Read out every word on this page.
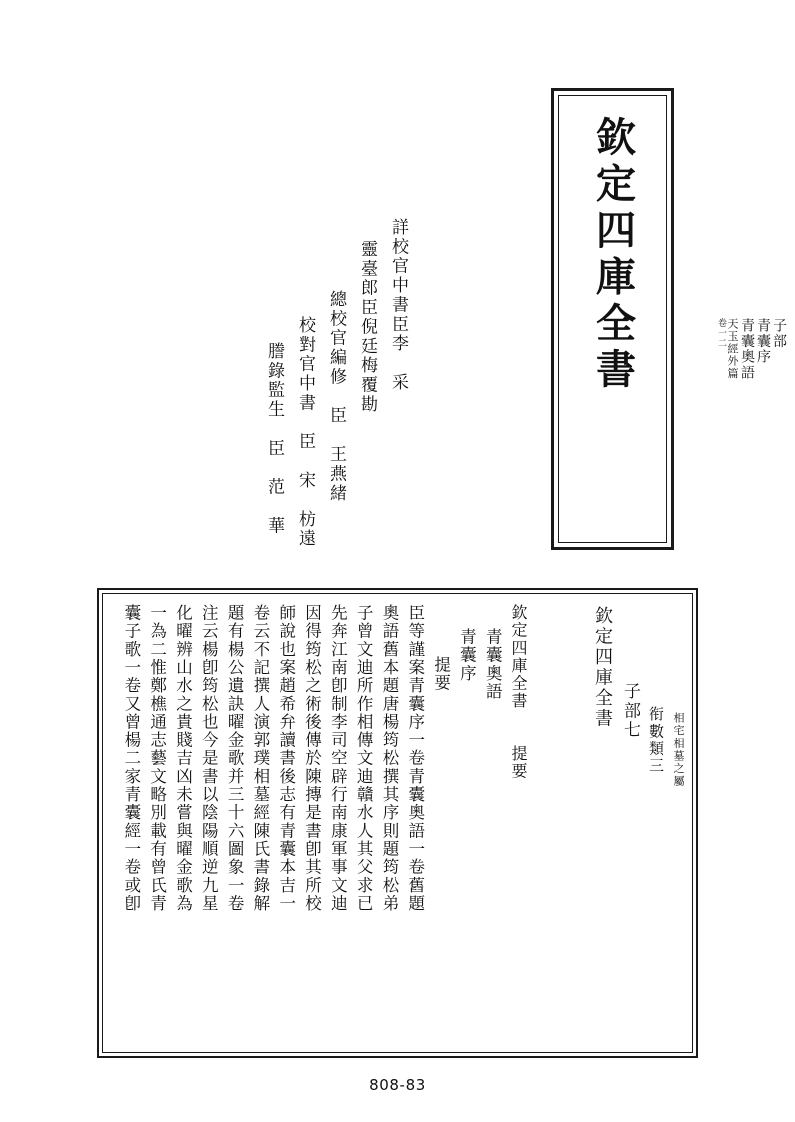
欽定四庫全書	子部
青囊序
青囊奧語
天玉經外篇
卷一二
詳校官中書臣李　采
靈臺郎臣倪廷梅覆勘
總校官編修　臣　王燕緒
校對官中書　臣　宋　枋遠
謄錄監生　臣　范　華
欽定四庫全書 子部七 衔數類三 相宅相墓之屬
欽定四庫全書　　提要
青囊奧語
青囊序
提要
臣等謹案青囊序一卷青囊奧語一卷舊題
奧語舊本題唐楊筠松撰其序則題筠松弟
子曾文迪所作相傳文迪贛水人其父求已
先奔江南卽制李司空辟行南康軍事文迪
因得筠松之術後傳於陳摶是書卽其所校
師說也案趙希弁讀書後志有青囊本吉一
卷云不記撰人演郭璞相墓經陳氏書錄解
題有楊公遺訣曜金歌并三十六圖象一卷
注云楊卽筠松也今是書以陰陽順逆九星
化曜辨山水之貴賤吉凶未嘗與曜金歌為
一為二惟鄭樵通志藝文略別載有曾氏青
囊子歌一卷又曾楊二家青囊經一卷或卽
808-83
